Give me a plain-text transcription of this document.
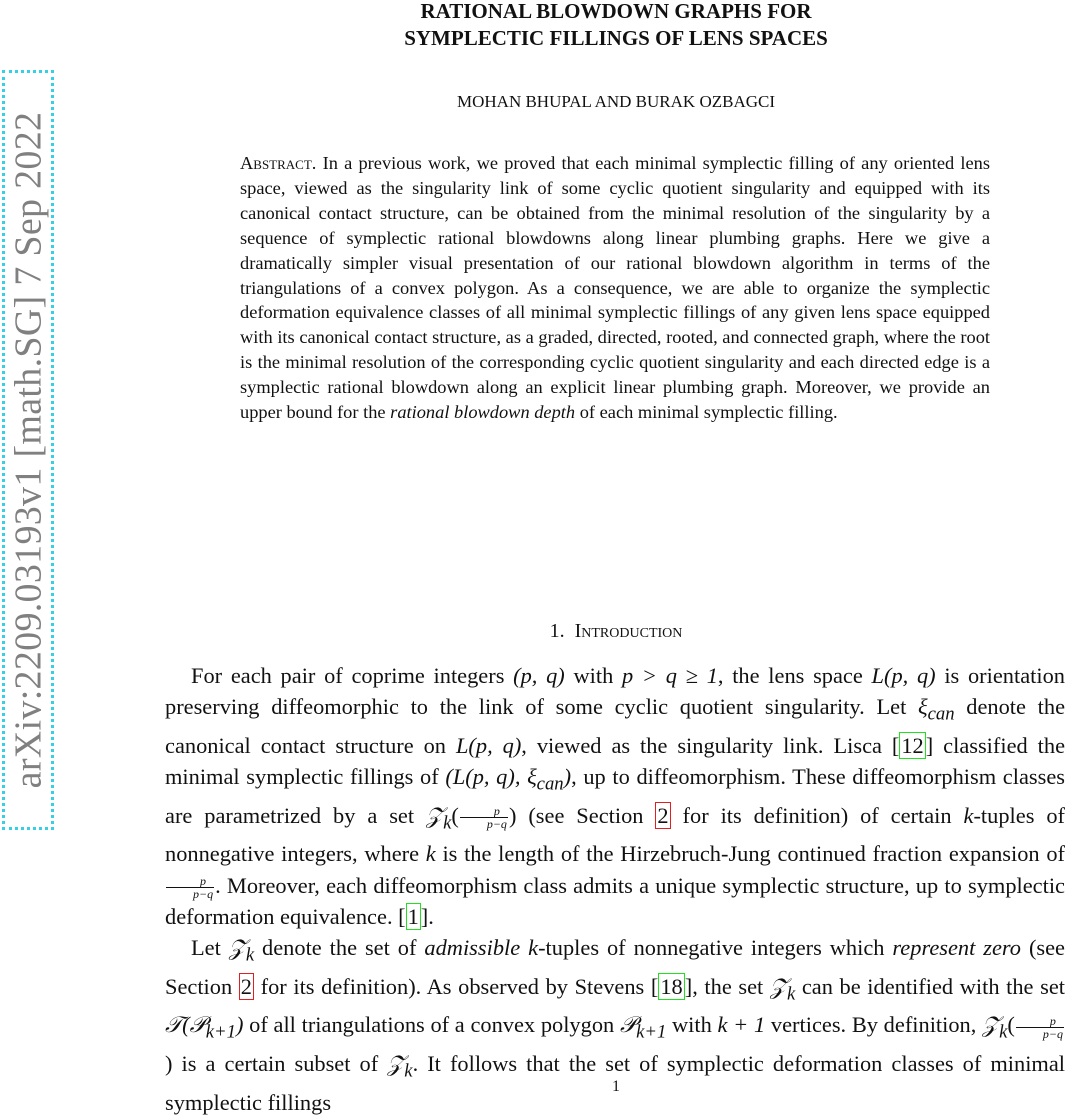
arXiv:2209.03193v1 [math.SG] 7 Sep 2022
RATIONAL BLOWDOWN GRAPHS FOR
SYMPLECTIC FILLINGS OF LENS SPACES
MOHAN BHUPAL AND BURAK OZBAGCI
Abstract. In a previous work, we proved that each minimal symplectic filling of any oriented lens space, viewed as the singularity link of some cyclic quotient singularity and equipped with its canonical contact structure, can be obtained from the minimal resolution of the singularity by a sequence of symplectic rational blowdowns along linear plumbing graphs. Here we give a dramatically simpler visual presentation of our rational blowdown algorithm in terms of the triangulations of a convex polygon. As a consequence, we are able to organize the symplectic deformation equivalence classes of all minimal symplectic fillings of any given lens space equipped with its canonical contact structure, as a graded, directed, rooted, and connected graph, where the root is the minimal resolution of the corresponding cyclic quotient singularity and each directed edge is a symplectic rational blowdown along an explicit linear plumbing graph. Moreover, we provide an upper bound for the rational blowdown depth of each minimal symplectic filling.
1. Introduction

For each pair of coprime integers (p, q) with p > q ≥ 1, the lens space L(p, q) is orientation preserving diffeomorphic to the link of some cyclic quotient singularity. Let $\xi_{can}$ denote the canonical contact structure on L(p, q), viewed as the singularity link. Lisca [12] classified the minimal symplectic fillings of (L(p, q), $\xi_{can}$), up to diffeomorphism. These diffeomorphism classes are parametrized by a set 𝒵$_k$( $\frac{p}{p-q}$ ) (see Section 2 for its definition) of certain k-tuples of nonnegative integers, where k is the length of the Hirzebruch-Jung continued fraction expansion of
$\frac{p}{p-q}$ . Moreover, each diffeomorphism class admits a unique symplectic structure, up to symplectic deformation equivalence. [1].

Let 𝒵$_k$ denote the set of admissible k-tuples of nonnegative integers which represent zero (see Section 2 for its definition). As observed by Stevens [18], the set 𝒵$_k$ can be identified with the set 𝒯(𝒫$_{k+1}$) of all triangulations of a convex polygon 𝒫$_{k+1}$ with k + 1 vertices. By definition, 𝒵$_k$( $\frac{p}{p-q}$
) is a certain subset of 𝒵$_k$. It follows that the set of symplectic deformation classes of minimal symplectic fillings

1
